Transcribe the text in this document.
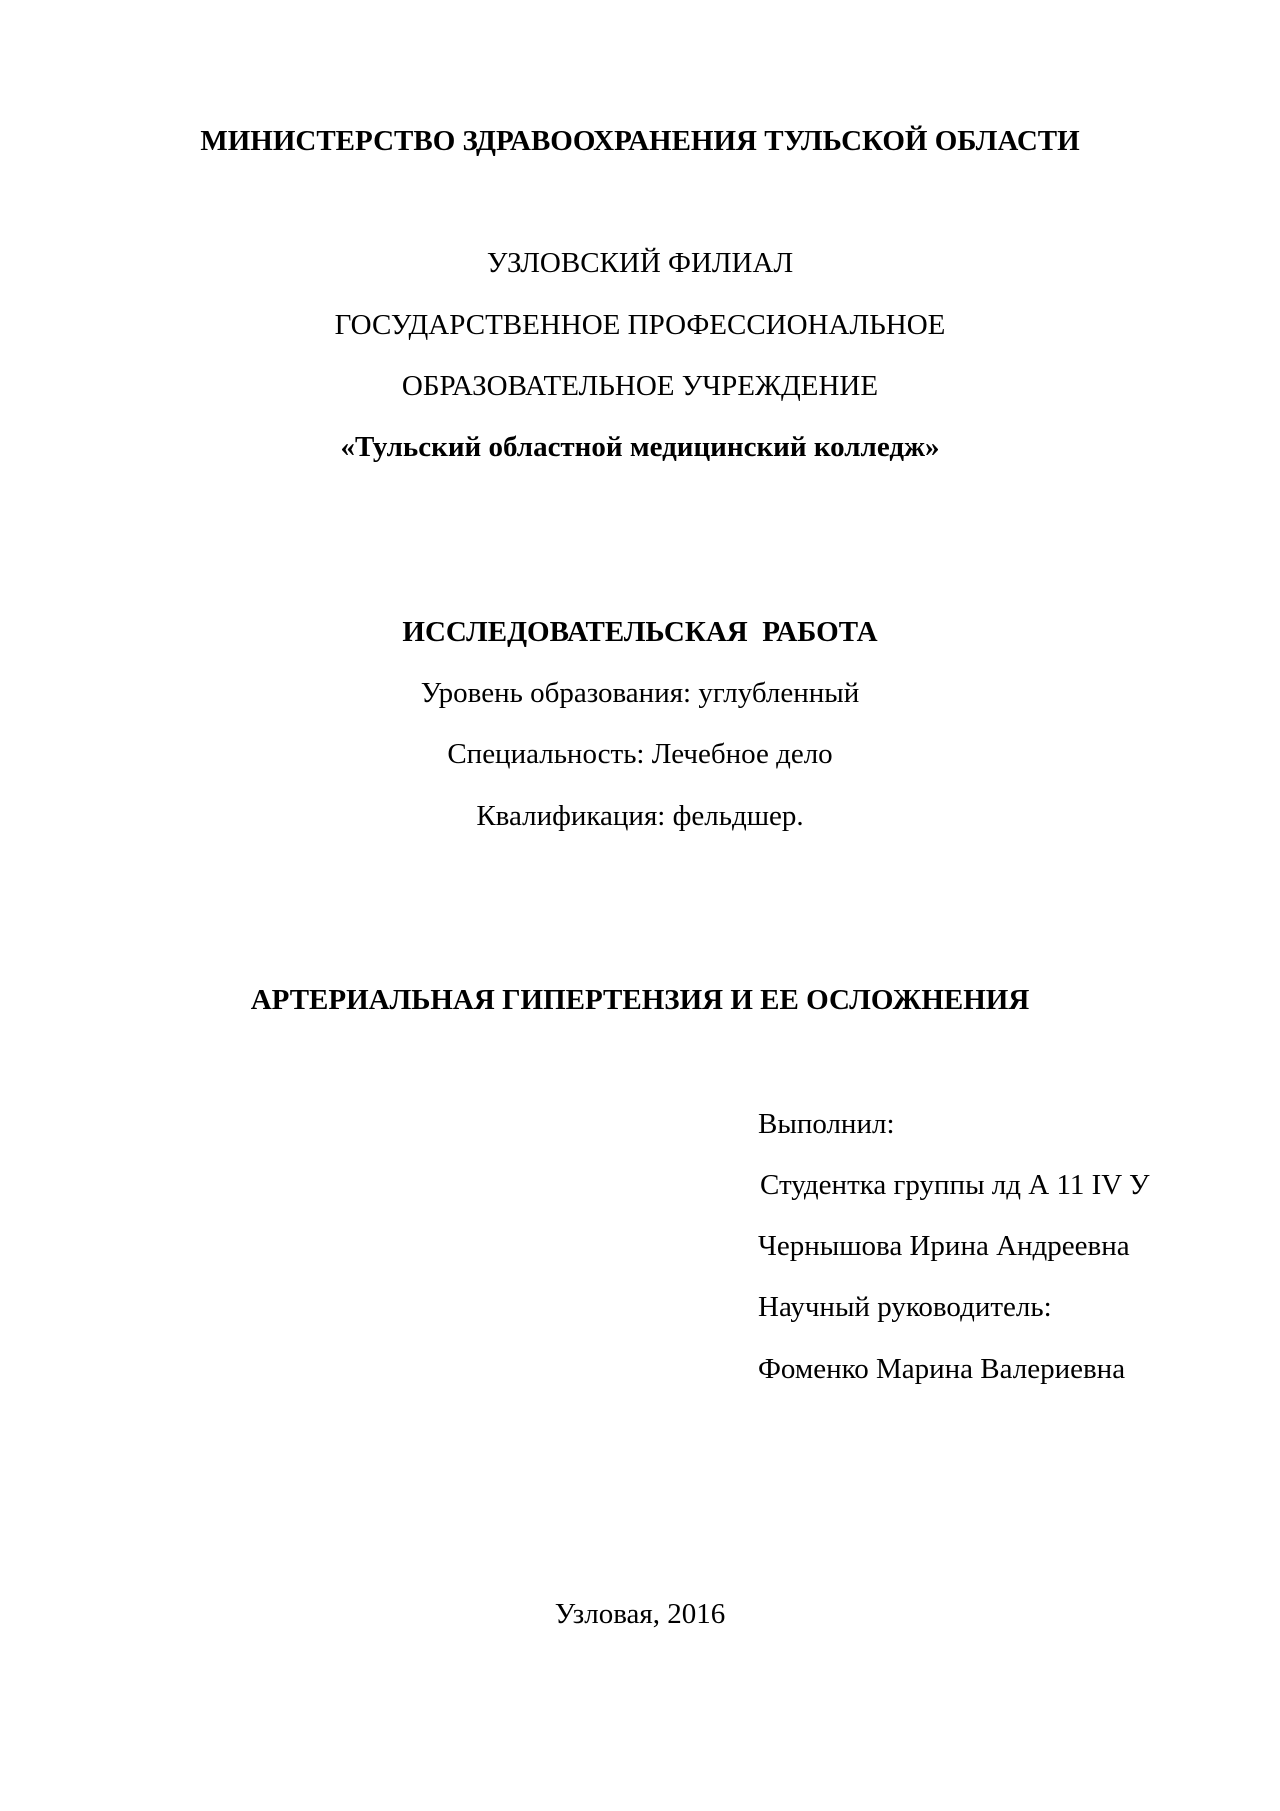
МИНИСТЕРСТВО ЗДРАВООХРАНЕНИЯ ТУЛЬСКОЙ ОБЛАСТИ
УЗЛОВСКИЙ ФИЛИАЛ
ГОСУДАРСТВЕННОЕ ПРОФЕССИОНАЛЬНОЕ
ОБРАЗОВАТЕЛЬНОЕ УЧРЕЖДЕНИЕ
«Тульский областной медицинский колледж»
ИССЛЕДОВАТЕЛЬСКАЯ  РАБОТА
Уровень образования: углубленный
Специальность: Лечебное дело
Квалификация: фельдшер.
АРТЕРИАЛЬНАЯ ГИПЕРТЕНЗИЯ И ЕЕ ОСЛОЖНЕНИЯ
Выполнил:
Студентка группы лд А 11 IV У
Чернышова Ирина Андреевна
Научный руководитель:
Фоменко Марина Валериевна
Узловая, 2016
